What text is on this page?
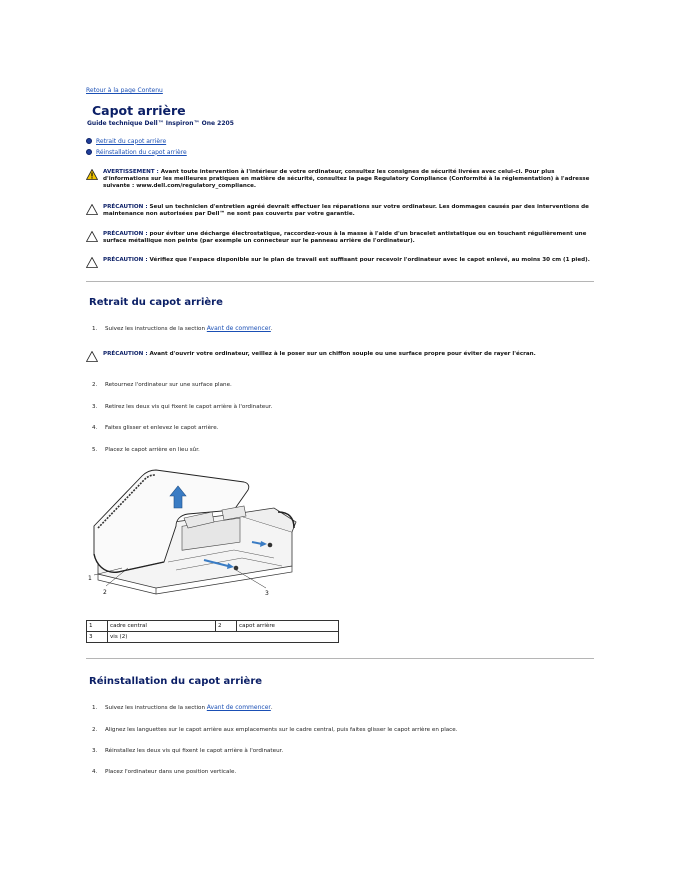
Retour à la page Contenu
Capot arrière
Guide technique Dell™ Inspiron™ One 2205
Retrait du capot arrière
Réinstallation du capot arrière
AVERTISSEMENT : Avant toute intervention à l'intérieur de votre ordinateur, consultez les consignes de sécurité livrées avec celui-ci. Pour plus d'informations sur les meilleures pratiques en matière de sécurité, consultez la page Regulatory Compliance (Conformité à la réglementation) à l'adresse suivante : www.dell.com/regulatory_compliance.
PRÉCAUTION : Seul un technicien d'entretien agréé devrait effectuer les réparations sur votre ordinateur. Les dommages causés par des interventions de maintenance non autorisées par Dell™ ne sont pas couverts par votre garantie.
PRÉCAUTION : pour éviter une décharge électrostatique, raccordez-vous à la masse à l'aide d'un bracelet antistatique ou en touchant régulièrement une surface métallique non peinte (par exemple un connecteur sur le panneau arrière de l'ordinateur).
PRÉCAUTION : Vérifiez que l'espace disponible sur le plan de travail est suffisant pour recevoir l'ordinateur avec le capot enlevé, au moins 30 cm (1 pied).
Retrait du capot arrière
1. Suivez les instructions de la section Avant de commencer.
PRÉCAUTION : Avant d'ouvrir votre ordinateur, veillez à le poser sur un chiffon souple ou une surface propre pour éviter de rayer l'écran.
2. Retournez l'ordinateur sur une surface plane.
3. Retirez les deux vis qui fixent le capot arrière à l'ordinateur.
4. Faites glisser et enlevez le capot arrière.
5. Placez le capot arrière en lieu sûr.
1
2	3
1	cadre central	2	capot arrière
3	vis (2)		
Réinstallation du capot arrière
1. Suivez les instructions de la section Avant de commencer.
2. Alignez les languettes sur le capot arrière aux emplacements sur le cadre central, puis faites glisser le capot arrière en place.
3. Réinstallez les deux vis qui fixent le capot arrière à l'ordinateur.
4. Placez l'ordinateur dans une position verticale.
